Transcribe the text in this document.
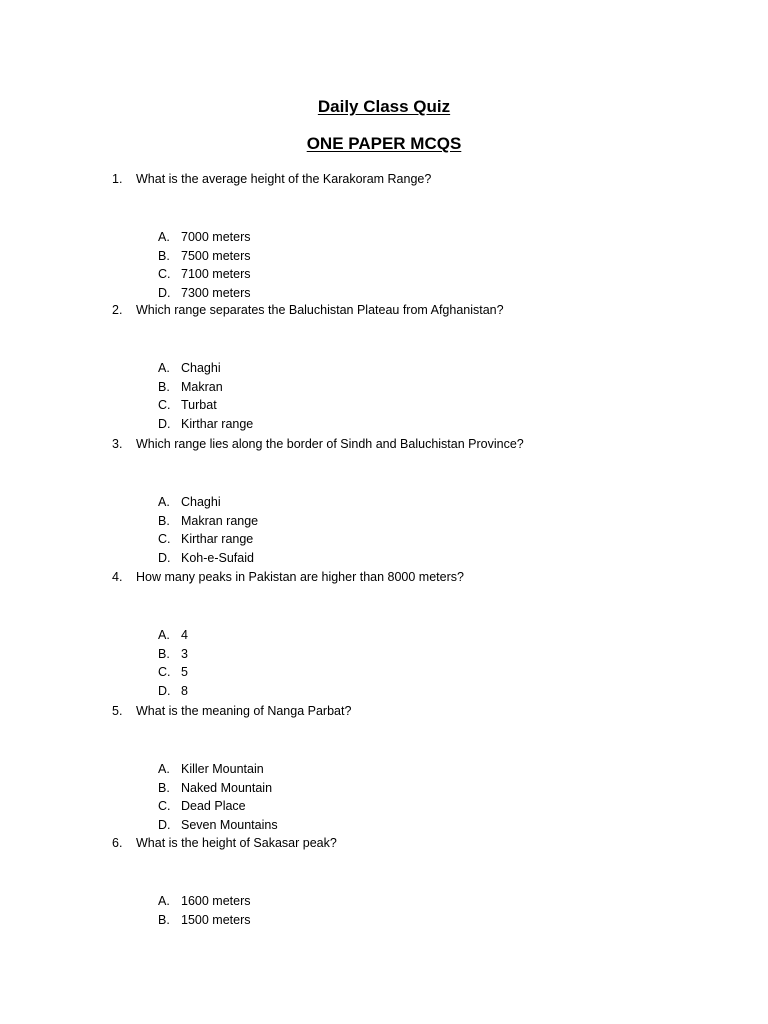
Daily Class Quiz
ONE PAPER MCQS
1. What is the average height of the Karakoram Range?
A. 7000 meters
B. 7500 meters
C. 7100 meters
D. 7300 meters
2. Which range separates the Baluchistan Plateau from Afghanistan?
A. Chaghi
B. Makran
C. Turbat
D. Kirthar range
3. Which range lies along the border of Sindh and Baluchistan Province?
A. Chaghi
B. Makran range
C. Kirthar range
D. Koh-e-Sufaid
4. How many peaks in Pakistan are higher than 8000 meters?
A. 4
B. 3
C. 5
D. 8
5. What is the meaning of Nanga Parbat?
A. Killer Mountain
B. Naked Mountain
C. Dead Place
D. Seven Mountains
6. What is the height of Sakasar peak?
A. 1600 meters
B. 1500 meters
